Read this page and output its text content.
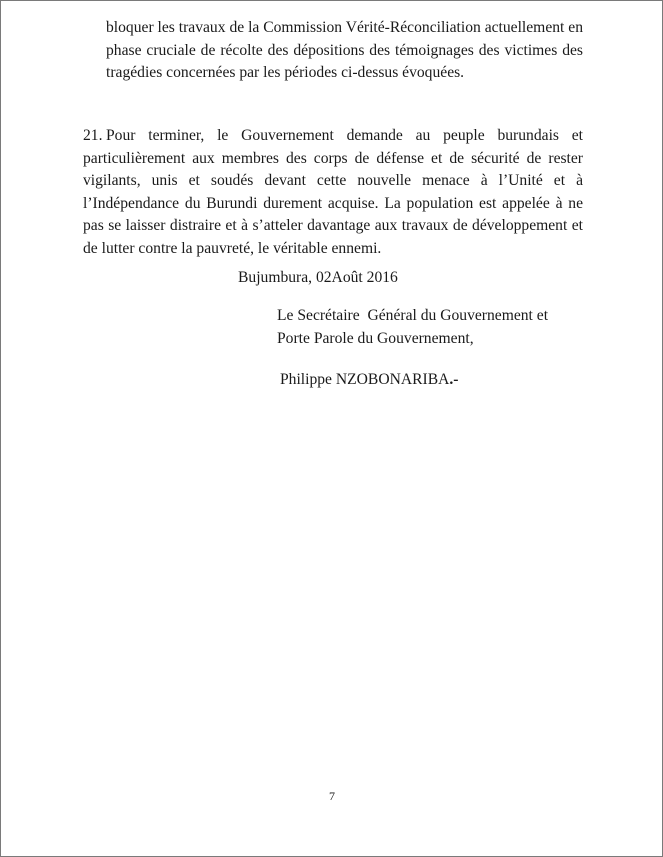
bloquer les travaux de la Commission Vérité-Réconciliation actuellement en phase cruciale de récolte des dépositions des témoignages des victimes des tragédies concernées par les périodes ci-dessus évoquées.

21. Pour terminer, le Gouvernement demande au peuple burundais et particulièrement aux membres des corps de défense et de sécurité de rester vigilants, unis et soudés devant cette nouvelle menace à l’Unité et à l’Indépendance du Burundi durement acquise. La population est appelée à ne pas se laisser distraire et à s’atteler davantage aux travaux de développement et de lutter contre la pauvreté, le véritable ennemi.

Bujumbura, 02Août 2016
Le Secrétaire  Général du Gouvernement et
Porte Parole du Gouvernement,
Philippe NZOBONARIBA.-
7
